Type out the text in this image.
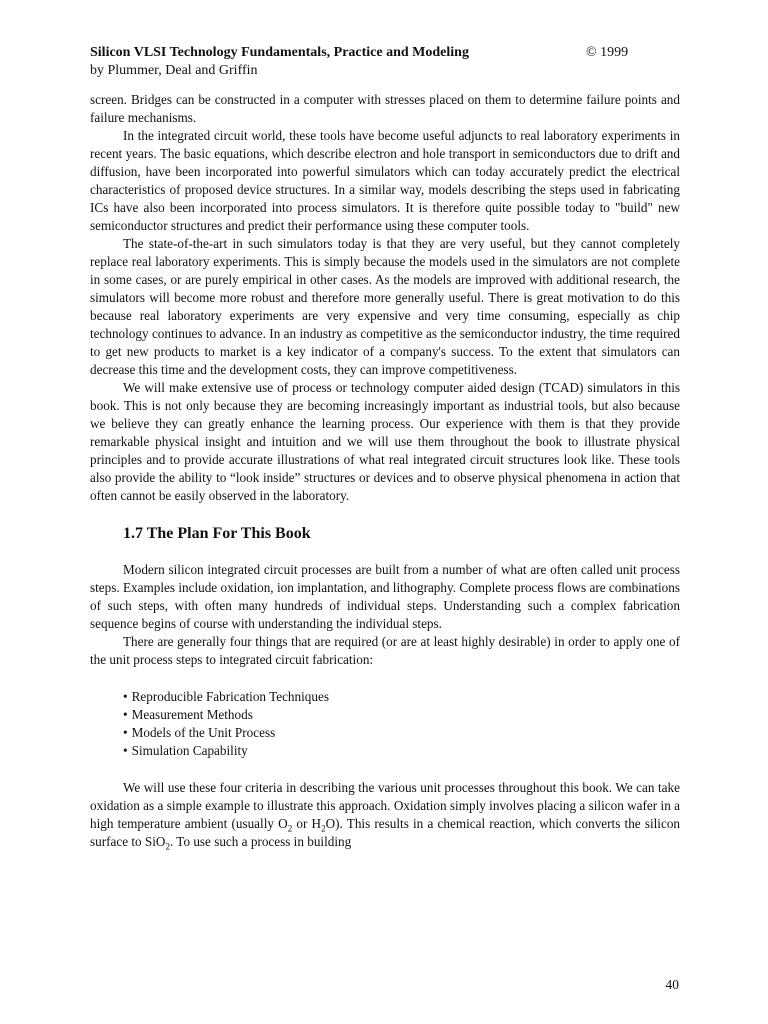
Silicon VLSI Technology Fundamentals, Practice and Modeling	© 1999
by Plummer, Deal and Griffin

screen. Bridges can be constructed in a computer with stresses placed on them to determine failure points and failure mechanisms.

In the integrated circuit world, these tools have become useful adjuncts to real laboratory experiments in recent years. The basic equations, which describe electron and hole transport in semiconductors due to drift and diffusion, have been incorporated into powerful simulators which can today accurately predict the electrical characteristics of proposed device structures. In a similar way, models describing the steps used in fabricating ICs have also been incorporated into process simulators. It is therefore quite possible today to "build" new semiconductor structures and predict their performance using these computer tools.

The state-of-the-art in such simulators today is that they are very useful, but they cannot completely replace real laboratory experiments. This is simply because the models used in the simulators are not complete in some cases, or are purely empirical in other cases. As the models are improved with additional research, the simulators will become more robust and therefore more generally useful. There is great motivation to do this because real laboratory experiments are very expensive and very time consuming, especially as chip technology continues to advance. In an industry as competitive as the semiconductor industry, the time required to get new products to market is a key indicator of a company's success. To the extent that simulators can decrease this time and the development costs, they can improve competitiveness.

We will make extensive use of process or technology computer aided design (TCAD) simulators in this book. This is not only because they are becoming increasingly important as industrial tools, but also because we believe they can greatly enhance the learning process. Our experience with them is that they provide remarkable physical insight and intuition and we will use them throughout the book to illustrate physical principles and to provide accurate illustrations of what real integrated circuit structures look like. These tools also provide the ability to “look inside” structures or devices and to observe physical phenomena in action that often cannot be easily observed in the laboratory.

1.7 The Plan For This Book

Modern silicon integrated circuit processes are built from a number of what are often called unit process steps. Examples include oxidation, ion implantation, and lithography. Complete process flows are combinations of such steps, with often many hundreds of individual steps. Understanding such a complex fabrication sequence begins of course with understanding the individual steps.

There are generally four things that are required (or are at least highly desirable) in order to apply one of the unit process steps to integrated circuit fabrication:

• Reproducible Fabrication Techniques
• Measurement Methods
• Models of the Unit Process
• Simulation Capability

We will use these four criteria in describing the various unit processes throughout this book. We can take oxidation as a simple example to illustrate this approach. Oxidation simply involves placing a silicon wafer in a high temperature ambient (usually $O_2$ or $H_2O$). This results in a chemical reaction, which converts the silicon surface to SiO$_2$. To use such a process in building

40
